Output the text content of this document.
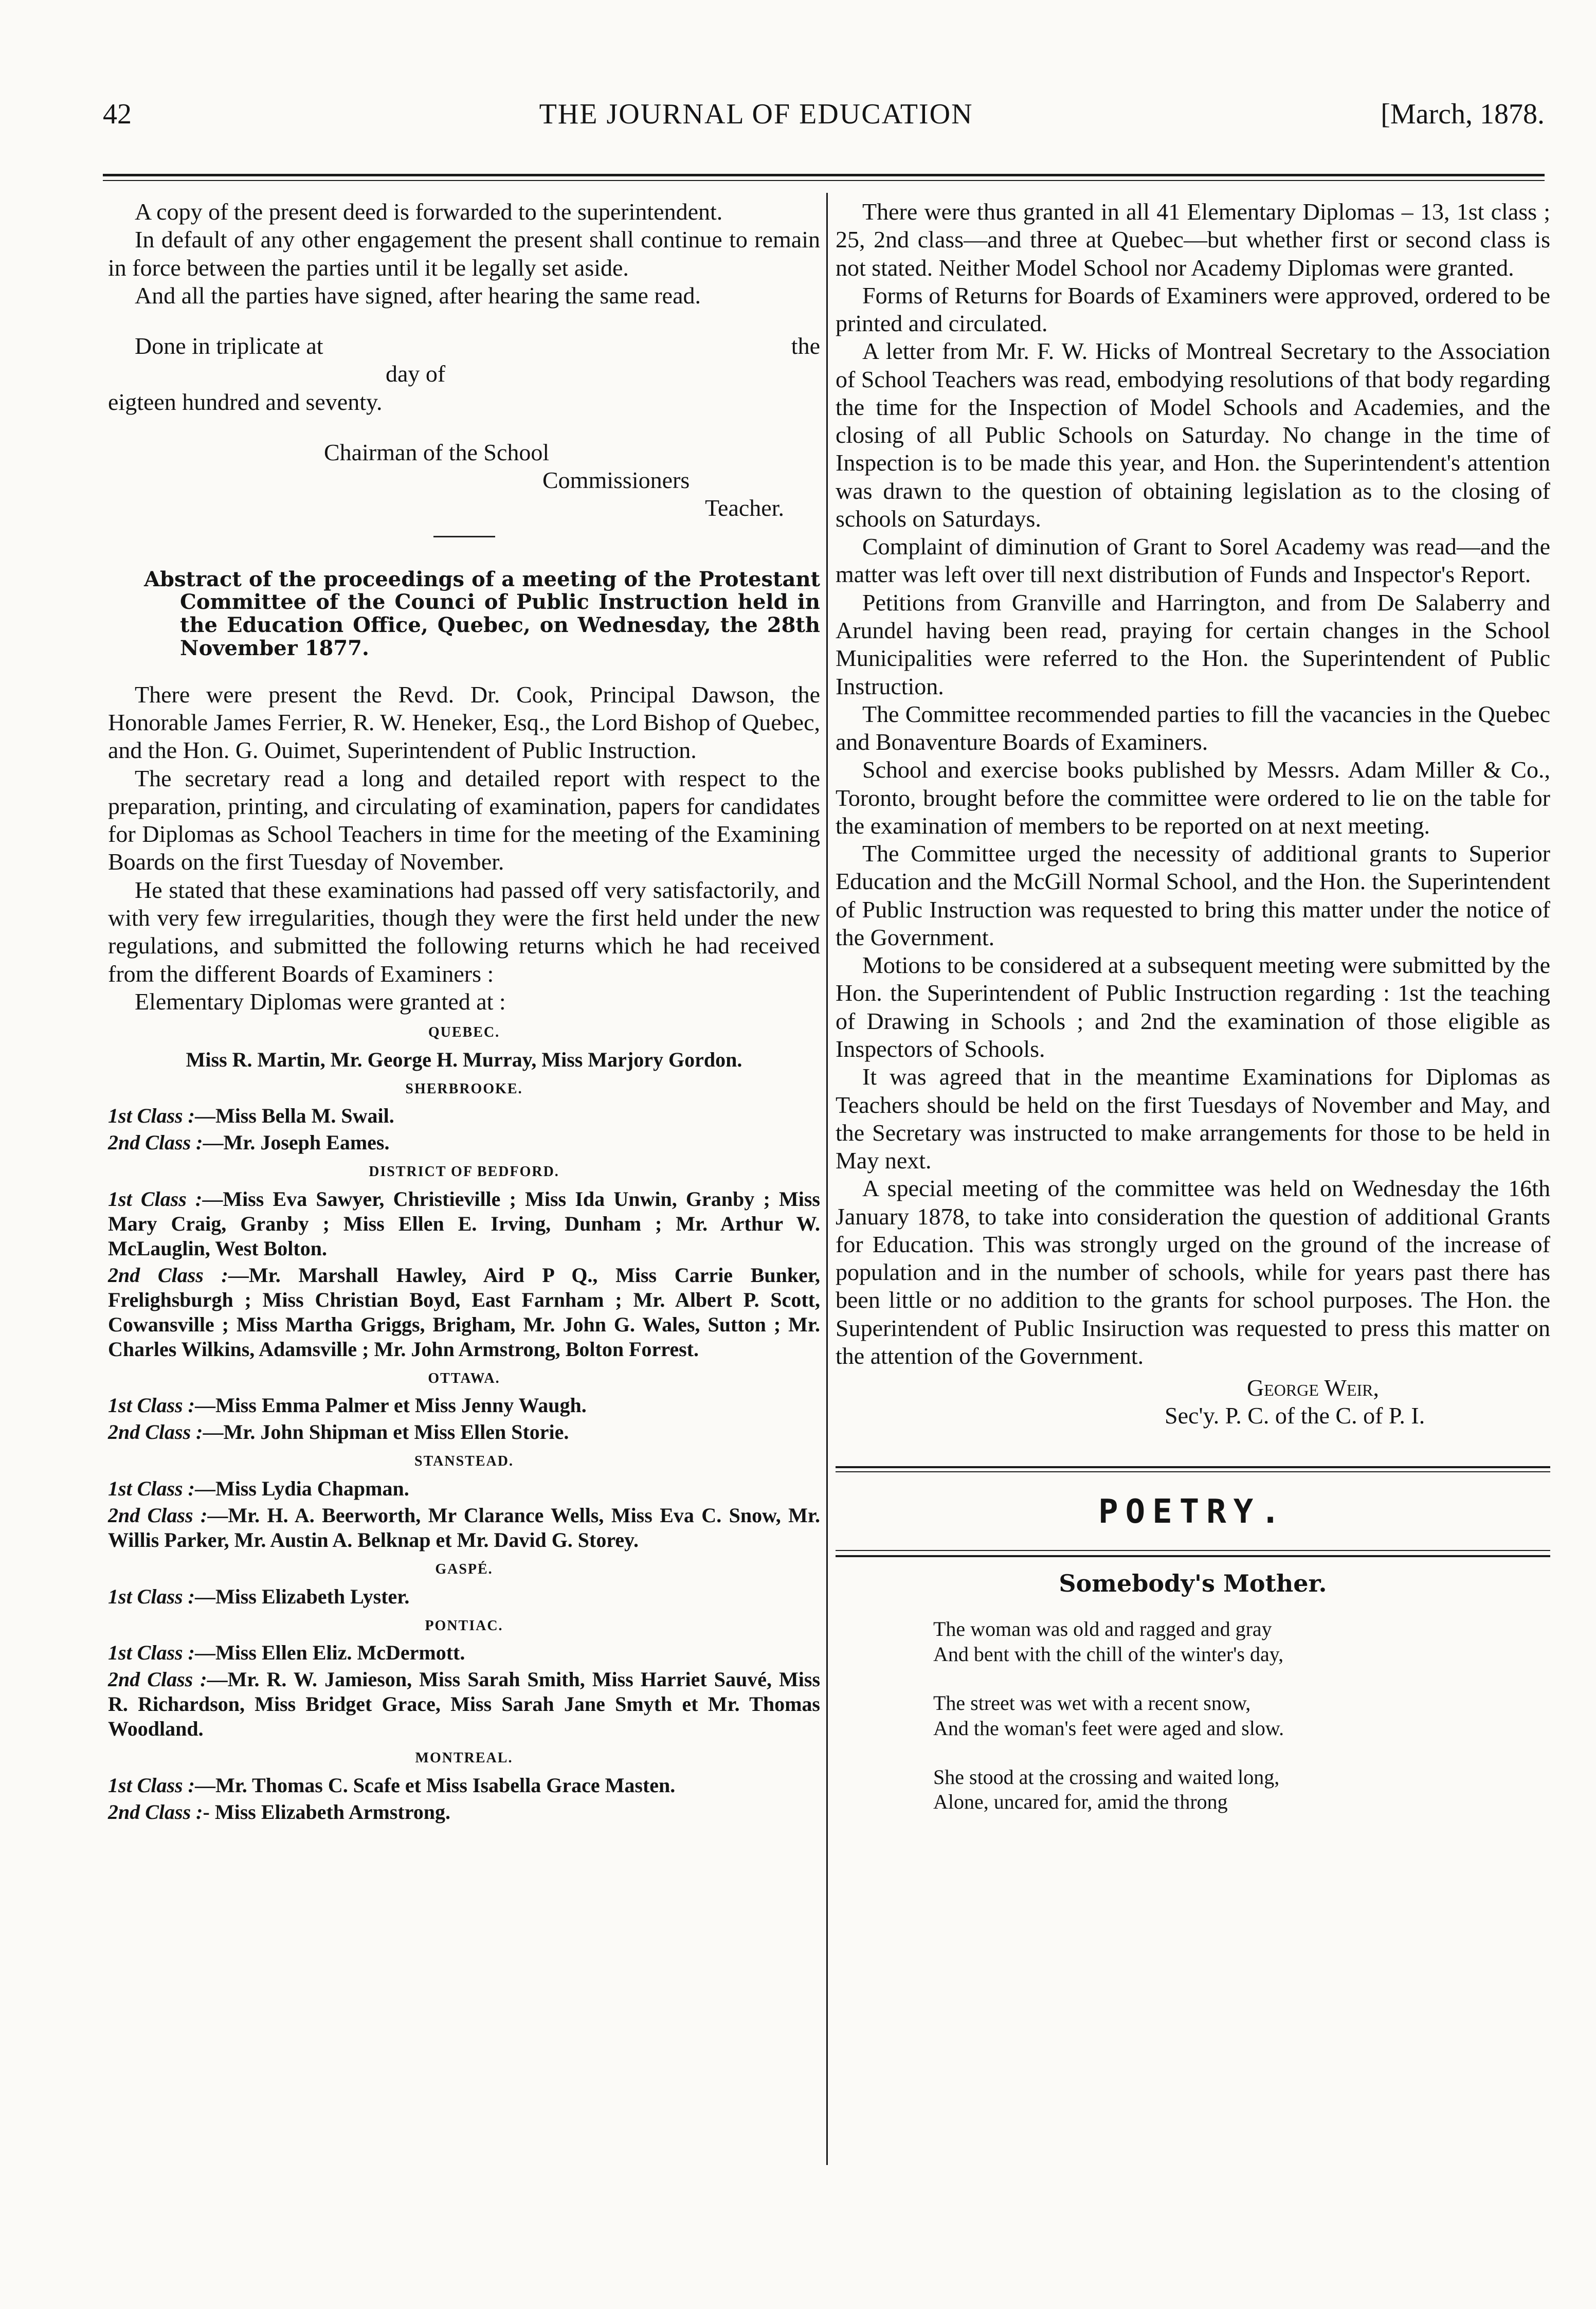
42	THE JOURNAL OF EDUCATION	[March, 1878.

A copy of the present deed is forwarded to the superintendent.

In default of any other engagement the present shall continue to remain in force between the parties until it be legally set aside.

And all the parties have signed, after hearing the same read.

Done in triplicate at	the
day of
eigteen hundred and seventy.
Chairman of the School
Commissioners
Teacher.
Abstract of the proceedings of a meeting of the Protestant Committee of the Counci of Public Instruction held in the Education Office, Quebec, on Wednesday, the 28th November 1877.

There were present the Revd. Dr. Cook, Principal Dawson, the Honorable James Ferrier, R. W. Heneker, Esq., the Lord Bishop of Quebec, and the Hon. G. Ouimet, Superintendent of Public Instruction.

The secretary read a long and detailed report with respect to the preparation, printing, and circulating of examination, papers for candidates for Diplomas as School Teachers in time for the meeting of the Examining Boards on the first Tuesday of November.

He stated that these examinations had passed off very satisfactorily, and with very few irregularities, though they were the first held under the new regulations, and submitted the following returns which he had received from the different Boards of Examiners :

Elementary Diplomas were granted at :

QUEBEC.
Miss R. Martin, Mr. George H. Murray, Miss Marjory Gordon.
SHERBROOKE.
1st Class :—Miss Bella M. Swail.
2nd Class :—Mr. Joseph Eames.
DISTRICT OF BEDFORD.
1st Class :—Miss Eva Sawyer, Christieville ; Miss Ida Unwin, Granby ; Miss Mary Craig, Granby ; Miss Ellen E. Irving, Dunham ; Mr. Arthur W. McLauglin, West Bolton.
2nd Class :—Mr. Marshall Hawley, Aird P Q., Miss Carrie Bunker, Frelighsburgh ; Miss Christian Boyd, East Farnham ; Mr. Albert P. Scott, Cowansville ; Miss Martha Griggs, Brigham, Mr. John G. Wales, Sutton ; Mr. Charles Wilkins, Adamsville ; Mr. John Armstrong, Bolton Forrest.
OTTAWA.
1st Class :—Miss Emma Palmer et Miss Jenny Waugh.
2nd Class :—Mr. John Shipman et Miss Ellen Storie.
STANSTEAD.
1st Class :—Miss Lydia Chapman.
2nd Class :—Mr. H. A. Beerworth, Mr Clarance Wells, Miss Eva C. Snow, Mr. Willis Parker, Mr. Austin A. Belknap et Mr. David G. Storey.
GASPÉ.
1st Class :—Miss Elizabeth Lyster.
PONTIAC.
1st Class :—Miss Ellen Eliz. McDermott.
2nd Class :—Mr. R. W. Jamieson, Miss Sarah Smith, Miss Harriet Sauvé, Miss R. Richardson, Miss Bridget Grace, Miss Sarah Jane Smyth et Mr. Thomas Woodland.
MONTREAL.
1st Class :—Mr. Thomas C. Scafe et Miss Isabella Grace Masten.
2nd Class :- Miss Elizabeth Armstrong.

There were thus granted in all 41 Elementary Diplomas – 13, 1st class ; 25, 2nd class—and three at Quebec—but whether first or second class is not stated. Neither Model School nor Academy Diplomas were granted.

Forms of Returns for Boards of Examiners were approved, ordered to be printed and circulated.

A letter from Mr. F. W. Hicks of Montreal Secretary to the Association of School Teachers was read, embodying resolutions of that body regarding the time for the Inspection of Model Schools and Academies, and the closing of all Public Schools on Saturday. No change in the time of Inspection is to be made this year, and Hon. the Superintendent's attention was drawn to the question of obtaining legislation as to the closing of schools on Saturdays.

Complaint of diminution of Grant to Sorel Academy was read—and the matter was left over till next distribution of Funds and Inspector's Report.

Petitions from Granville and Harrington, and from De Salaberry and Arundel having been read, praying for certain changes in the School Municipalities were referred to the Hon. the Superintendent of Public Instruction.

The Committee recommended parties to fill the vacancies in the Quebec and Bonaventure Boards of Examiners.

School and exercise books published by Messrs. Adam Miller & Co., Toronto, brought before the committee were ordered to lie on the table for the examination of members to be reported on at next meeting.

The Committee urged the necessity of additional grants to Superior Education and the McGill Normal School, and the Hon. the Superintendent of Public Instruction was requested to bring this matter under the notice of the Government.

Motions to be considered at a subsequent meeting were submitted by the Hon. the Superintendent of Public Instruction regarding : 1st the teaching of Drawing in Schools ; and 2nd the examination of those eligible as Inspectors of Schools.

It was agreed that in the meantime Examinations for Diplomas as Teachers should be held on the first Tuesdays of November and May, and the Secretary was instructed to make arrangements for those to be held in May next.

A special meeting of the committee was held on Wednesday the 16th January 1878, to take into consideration the question of additional Grants for Education. This was strongly urged on the ground of the increase of population and in the number of schools, while for years past there has been little or no addition to the grants for school purposes. The Hon. the Superintendent of Public Insiruction was requested to press this matter on the attention of the Government.

George Weir,
Sec'y. P. C. of the C. of P. I.
POETRY.
Somebody's Mother.
The woman was old and ragged and gray
And bent with the chill of the winter's day,
The street was wet with a recent snow,
And the woman's feet were aged and slow.
She stood at the crossing and waited long,
Alone, uncared for, amid the throng
